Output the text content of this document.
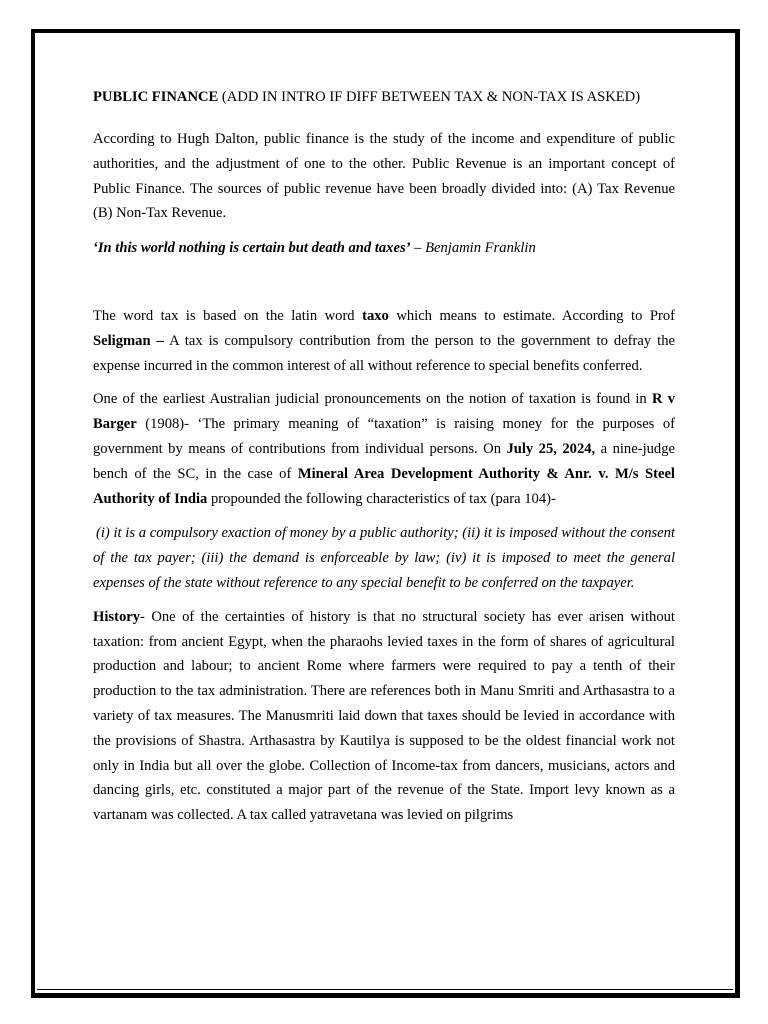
PUBLIC FINANCE (ADD IN INTRO IF DIFF BETWEEN TAX & NON-TAX IS ASKED)

According to Hugh Dalton, public finance is the study of the income and expenditure of public authorities, and the adjustment of one to the other. Public Revenue is an important concept of Public Finance. The sources of public revenue have been broadly divided into: (A) Tax Revenue (B) Non-Tax Revenue.

‘In this world nothing is certain but death and taxes’ – Benjamin Franklin

The word tax is based on the latin word taxo which means to estimate. According to Prof Seligman – A tax is compulsory contribution from the person to the government to defray the expense incurred in the common interest of all without reference to special benefits conferred.

One of the earliest Australian judicial pronouncements on the notion of taxation is found in R v Barger (1908)- ‘The primary meaning of “taxation” is raising money for the purposes of government by means of contributions from individual persons. On July 25, 2024, a nine-judge bench of the SC, in the case of Mineral Area Development Authority & Anr. v. M/s Steel Authority of India propounded the following characteristics of tax (para 104)-

(i) it is a compulsory exaction of money by a public authority; (ii) it is imposed without the consent of the tax payer; (iii) the demand is enforceable by law; (iv) it is imposed to meet the general expenses of the state without reference to any special benefit to be conferred on the taxpayer.

History- One of the certainties of history is that no structural society has ever arisen without taxation: from ancient Egypt, when the pharaohs levied taxes in the form of shares of agricultural production and labour; to ancient Rome where farmers were required to pay a tenth of their production to the tax administration. There are references both in Manu Smriti and Arthasastra to a variety of tax measures. The Manusmriti laid down that taxes should be levied in accordance with the provisions of Shastra. Arthasastra by Kautilya is supposed to be the oldest financial work not only in India but all over the globe. Collection of Income-tax from dancers, musicians, actors and dancing girls, etc. constituted a major part of the revenue of the State. Import levy known as a vartanam was collected. A tax called yatravetana was levied on pilgrims
